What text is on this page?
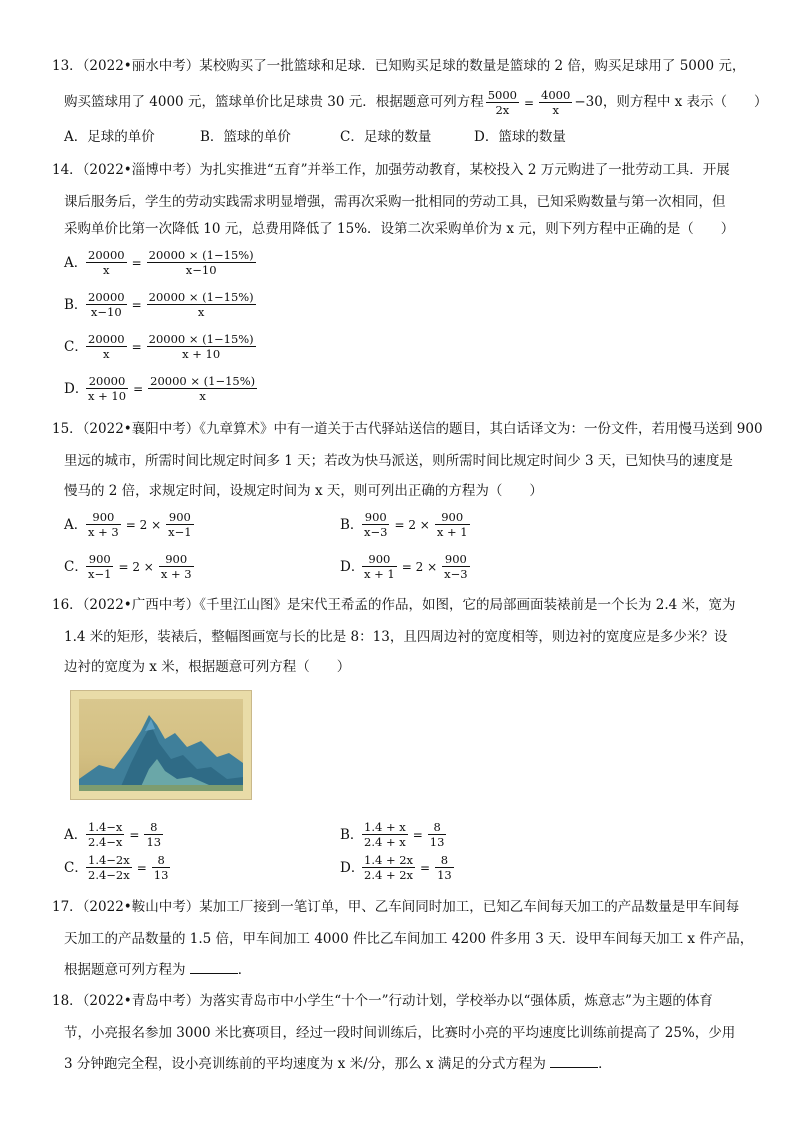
13．（2022•丽水中考）某校购买了一批篮球和足球．已知购买足球的数量是篮球的 2 倍，购买足球用了 5000 元，
购买篮球用了 4000 元，篮球单价比足球贵 30 元．根据题意可列方程 $\frac{5000}{2x} = \frac{4000}{x} -30$，则方程中 x 表示（　　）
A．足球的单价	B．篮球的单价	C．足球的数量	D．篮球的数量
14．（2022•淄博中考）为扎实推进“五育”并举工作，加强劳动教育，某校投入 2 万元购进了一批劳动工具．开展
课后服务后，学生的劳动实践需求明显增强，需再次采购一批相同的劳动工具，已知采购数量与第一次相同，但
采购单价比第一次降低 10 元，总费用降低了 15%．设第二次采购单价为 x 元，则下列方程中正确的是（　　）
A．
$\frac{20000}{x} = \frac{20000 \times (1-15\%)}{x-10}$
B．
$\frac{20000}{x-10} = \frac{20000 \times (1-15\%)}{x}$
C．
$\frac{20000}{x} = \frac{20000 \times (1-15\%)}{x + 10}$
D．
$\frac{20000}{x + 10} = \frac{20000 \times (1-15\%)}{x}$
15．（2022•襄阳中考）《九章算术》中有一道关于古代驿站送信的题目，其白话译文为：一份文件，若用慢马送到 900
里远的城市，所需时间比规定时间多 1 天；若改为快马派送，则所需时间比规定时间少 3 天，已知快马的速度是
慢马的 2 倍，求规定时间，设规定时间为 x 天，则可列出正确的方程为（　　）
A．
$\frac{900}{x + 3} = 2 \times \frac{900}{x-1}$	B．
$\frac{900}{x-3} = 2 \times \frac{900}{x + 1}$
C．
$\frac{900}{x-1} = 2 \times \frac{900}{x + 3}$	D．
$\frac{900}{x + 1} = 2 \times \frac{900}{x-3}$
16．（2022•广西中考）《千里江山图》是宋代王希孟的作品，如图，它的局部画面装裱前是一个长为 2.4 米，宽为
1.4 米的矩形，装裱后，整幅图画宽与长的比是 8：13，且四周边衬的宽度相等，则边衬的宽度应是多少米？设
边衬的宽度为 x 米，根据题意可列方程（　　）
A．
$\frac{1.4-x}{2.4-x} = \frac{8}{13}$	B．
$\frac{1.4 + x}{2.4 + x} = \frac{8}{13}$
C．
$\frac{1.4-2x}{2.4-2x} = \frac{8}{13}$	D．
$\frac{1.4 + 2x}{2.4 + 2x} = \frac{8}{13}$
17．（2022•鞍山中考）某加工厂接到一笔订单，甲、乙车间同时加工，已知乙车间每天加工的产品数量是甲车间每
天加工的产品数量的 1.5 倍，甲车间加工 4000 件比乙车间加工 4200 件多用 3 天．设甲车间每天加工 x 件产品，
根据题意可列方程为	．
18．（2022•青岛中考）为落实青岛市中小学生“十个一”行动计划，学校举办以“强体质，炼意志”为主题的体育
节，小亮报名参加 3000 米比赛项目，经过一段时间训练后，比赛时小亮的平均速度比训练前提高了 25%，少用
3 分钟跑完全程，设小亮训练前的平均速度为 x 米/分，那么 x 满足的分式方程为	．
